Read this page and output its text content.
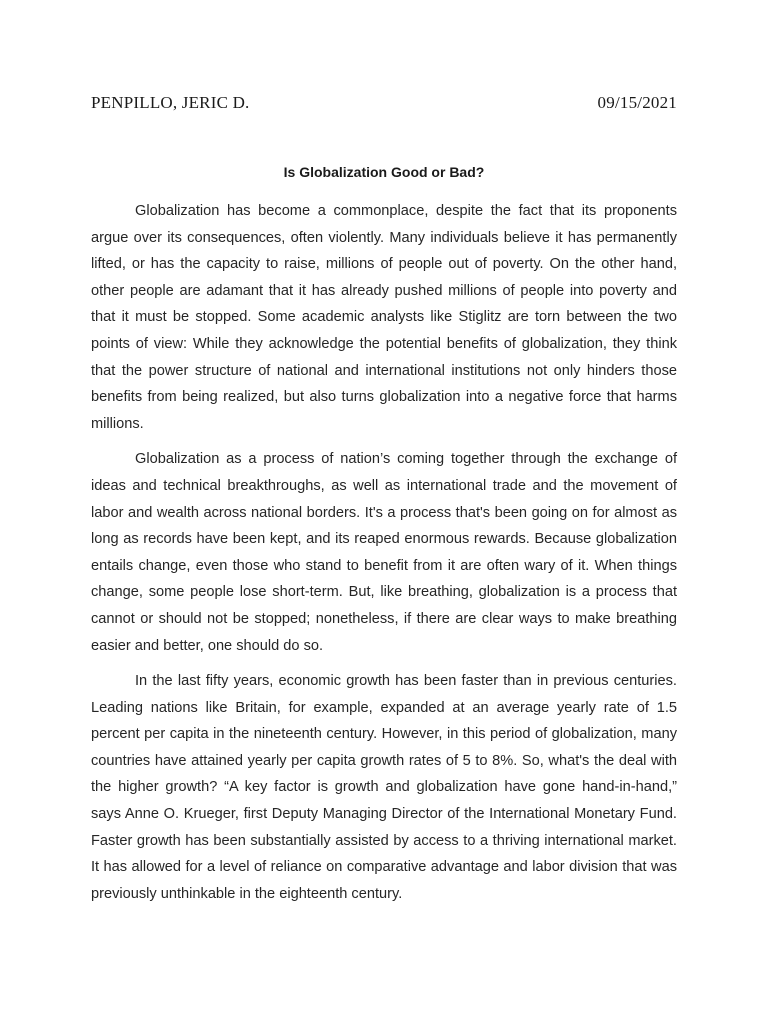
PENPILLO, JERIC D.	09/15/2021
Is Globalization Good or Bad?

Globalization has become a commonplace, despite the fact that its proponents argue over its consequences, often violently. Many individuals believe it has permanently lifted, or has the capacity to raise, millions of people out of poverty. On the other hand, other people are adamant that it has already pushed millions of people into poverty and that it must be stopped. Some academic analysts like Stiglitz are torn between the two points of view: While they acknowledge the potential benefits of globalization, they think that the power structure of national and international institutions not only hinders those benefits from being realized, but also turns globalization into a negative force that harms millions.

Globalization as a process of nation’s coming together through the exchange of ideas and technical breakthroughs, as well as international trade and the movement of labor and wealth across national borders. It's a process that's been going on for almost as long as records have been kept, and its reaped enormous rewards. Because globalization entails change, even those who stand to benefit from it are often wary of it. When things change, some people lose short-term. But, like breathing, globalization is a process that cannot or should not be stopped; nonetheless, if there are clear ways to make breathing easier and better, one should do so.

In the last fifty years, economic growth has been faster than in previous centuries. Leading nations like Britain, for example, expanded at an average yearly rate of 1.5 percent per capita in the nineteenth century. However, in this period of globalization, many countries have attained yearly per capita growth rates of 5 to 8%. So, what's the deal with the higher growth? “A key factor is growth and globalization have gone hand-in-hand,” says Anne O. Krueger, first Deputy Managing Director of the International Monetary Fund. Faster growth has been substantially assisted by access to a thriving international market. It has allowed for a level of reliance on comparative advantage and labor division that was previously unthinkable in the eighteenth century.
